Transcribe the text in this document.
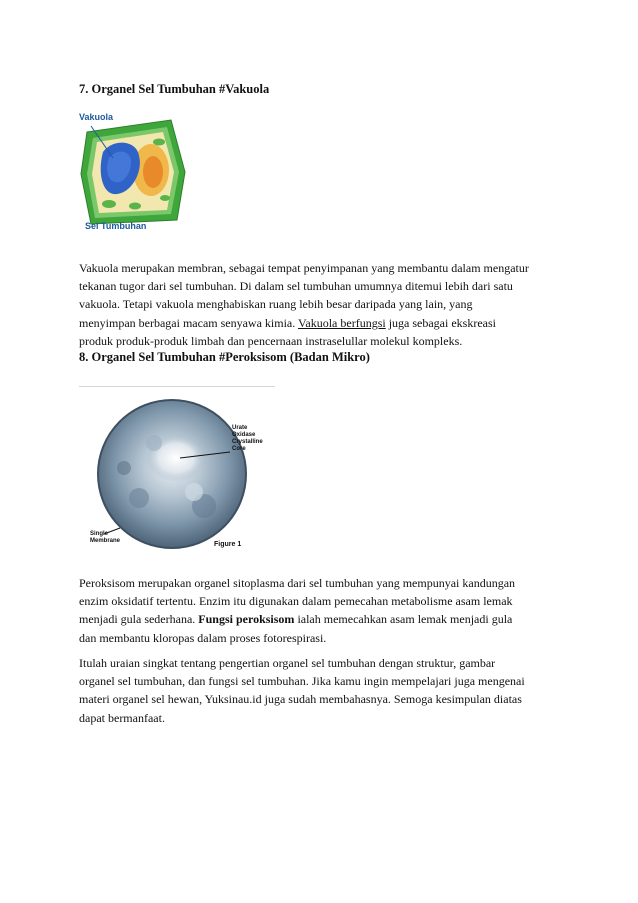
7. Organel Sel Tumbuhan #Vakuola
Vakuola
Sel Tumbuhan

Vakuola merupakan membran, sebagai tempat penyimpanan yang membantu dalam mengatur
tekanan tugor dari sel tumbuhan. Di dalam sel tumbuhan umumnya ditemui lebih dari satu
vakuola. Tetapi vakuola menghabiskan ruang lebih besar daripada yang lain, yang
menyimpan berbagai macam senyawa kimia. Vakuola berfungsi juga sebagai ekskreasi
produk produk-produk limbah dan pencernaan instraselullar molekul kompleks.

8. Organel Sel Tumbuhan #Peroksisom (Badan Mikro)
Peroxisome
Urate
Oxidase
Crystalline
Core
Single
Membrane	Figure 1

Peroksisom merupakan organel sitoplasma dari sel tumbuhan yang mempunyai kandungan
enzim oksidatif tertentu. Enzim itu digunakan dalam pemecahan metabolisme asam lemak
menjadi gula sederhana. Fungsi peroksisom ialah memecahkan asam lemak menjadi gula
dan membantu kloropas dalam proses fotorespirasi.

Itulah uraian singkat tentang pengertian organel sel tumbuhan dengan struktur, gambar
organel sel tumbuhan, dan fungsi sel tumbuhan. Jika kamu ingin mempelajari juga mengenai
materi organel sel hewan, Yuksinau.id juga sudah membahasnya. Semoga kesimpulan diatas
dapat bermanfaat.
